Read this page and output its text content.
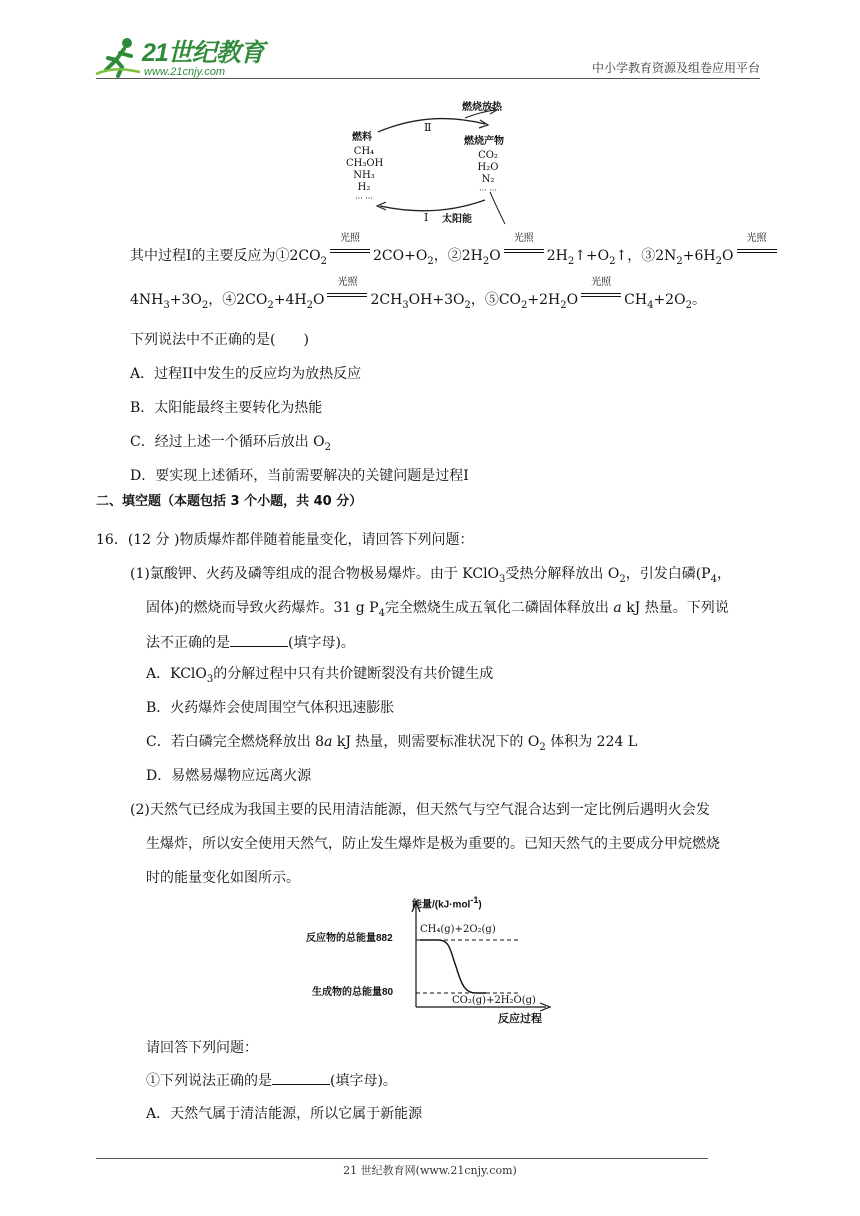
21世纪教育
www.21cnjy.com	中小学教育资源及组卷应用平台
燃烧放热
Ⅱ
燃料
CH₄
CH₃OH
NH₃
H₂
··· ···
燃烧产物
CO₂
H₂O
N₂
··· ···
Ⅰ 太阳能
其中过程I的主要反应为$①2CO_2$
光照
$2CO+O_2$，$②2H_2O$
光照
$2H_2↑+O_2↑$，$③2N_2+6H_2O$
光照
$4NH_3+3O_2$，$④2CO_2+4H_2O$
光照
$2CH_3OH+3O_2$，$⑤CO_2+2H_2O$
光照
$CH_4+2O_2$。
下列说法中不正确的是(　　)
A．过程II中发生的反应均为放热反应
B．太阳能最终主要转化为热能
C．经过上述一个循环后放出 $O_2$
D．要实现上述循环，当前需要解决的关键问题是过程I
二、填空题（本题包括 3 个小题，共 40 分）
16．(12 分 )物质爆炸都伴随着能量变化，请回答下列问题：
(1)氯酸钾、火药及磷等组成的混合物极易爆炸。由于 KClO$_3$受热分解释放出 $O_2$，引发白磷($P_4$，
固体)的燃烧而导致火药爆炸。31 g $P_4$完全燃烧生成五氧化二磷固体释放出 a kJ 热量。下列说
法不正确的是	(填字母)。
A．KClO$_3$的分解过程中只有共价键断裂没有共价键生成
B．火药爆炸会使周围空气体积迅速膨胀
C．若白磷完全燃烧释放出 8a kJ 热量，则需要标准状况下的 $O_2$ 体积为 224 L
D．易燃易爆物应远离火源
(2)天然气已经成为我国主要的民用清洁能源，但天然气与空气混合达到一定比例后遇明火会发
生爆炸，所以安全使用天然气，防止发生爆炸是极为重要的。已知天然气的主要成分甲烷燃烧
时的能量变化如图所示。
能量/(kJ·mol$^{-1}$)
反应物的总能量882
生成物的总能量80
CH₄(g)+2O₂(g)
CO₂(g)+2H₂O(g)
反应过程
请回答下列问题：
①下列说法正确的是	(填字母)。
A．天然气属于清洁能源，所以它属于新能源
21 世纪教育网(www.21cnjy.com)
